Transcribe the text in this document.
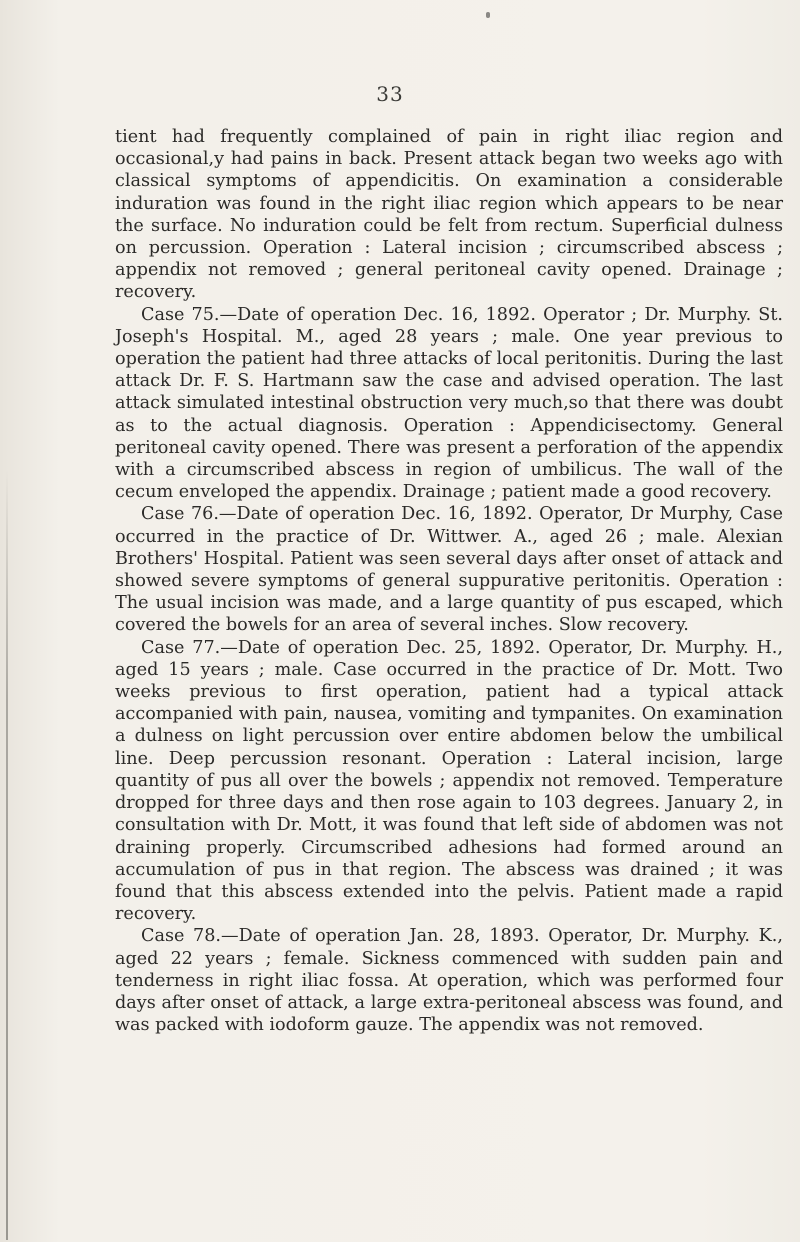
33

tient had frequently complained of pain in right iliac region and occasional,y had pains in back. Present attack began two weeks ago with classical symptoms of appendicitis. On examination a considerable induration was found in the right iliac region which appears to be near the surface. No induration could be felt from rectum. Superficial dulness on percussion. Operation : Lateral incision ; circumscribed abscess ; appendix not removed ; general peritoneal cavity opened. Drainage ; recovery.

Case 75.—Date of operation Dec. 16, 1892. Operator ; Dr. Murphy. St. Joseph's Hospital. M., aged 28 years ; male. One year previous to operation the patient had three attacks of local peritonitis. During the last attack Dr. F. S. Hartmann saw the case and advised operation. The last attack simulated intestinal obstruction very much,so that there was doubt as to the actual diagnosis. Operation : Appendicisectomy. General peritoneal cavity opened. There was present a perforation of the appendix with a circumscribed abscess in region of umbilicus. The wall of the cecum enveloped the appendix. Drainage ; patient made a good recovery.

Case 76.—Date of operation Dec. 16, 1892. Operator, Dr Murphy, Case occurred in the practice of Dr. Wittwer. A., aged 26 ; male. Alexian Brothers' Hospital. Patient was seen several days after onset of attack and showed severe symptoms of general suppurative peritonitis. Operation : The usual incision was made, and a large quantity of pus escaped, which covered the bowels for an area of several inches. Slow recovery.

Case 77.—Date of operation Dec. 25, 1892. Operator, Dr. Murphy. H., aged 15 years ; male. Case occurred in the practice of Dr. Mott. Two weeks previous to first operation, patient had a typical attack accompanied with pain, nausea, vomiting and tympanites. On examination a dulness on light percussion over entire abdomen below the umbilical line. Deep percussion resonant. Operation : Lateral incision, large quantity of pus all over the bowels ; appendix not removed. Temperature dropped for three days and then rose again to 103 degrees. January 2, in consultation with Dr. Mott, it was found that left side of abdomen was not draining properly. Circumscribed adhesions had formed around an accumulation of pus in that region. The abscess was drained ; it was found that this abscess extended into the pelvis. Patient made a rapid recovery.

Case 78.—Date of operation Jan. 28, 1893. Operator, Dr. Murphy. K., aged 22 years ; female. Sickness commenced with sudden pain and tenderness in right iliac fossa. At operation, which was performed four days after onset of attack, a large extra-peritoneal abscess was found, and was packed with iodoform gauze. The appendix was not removed.
